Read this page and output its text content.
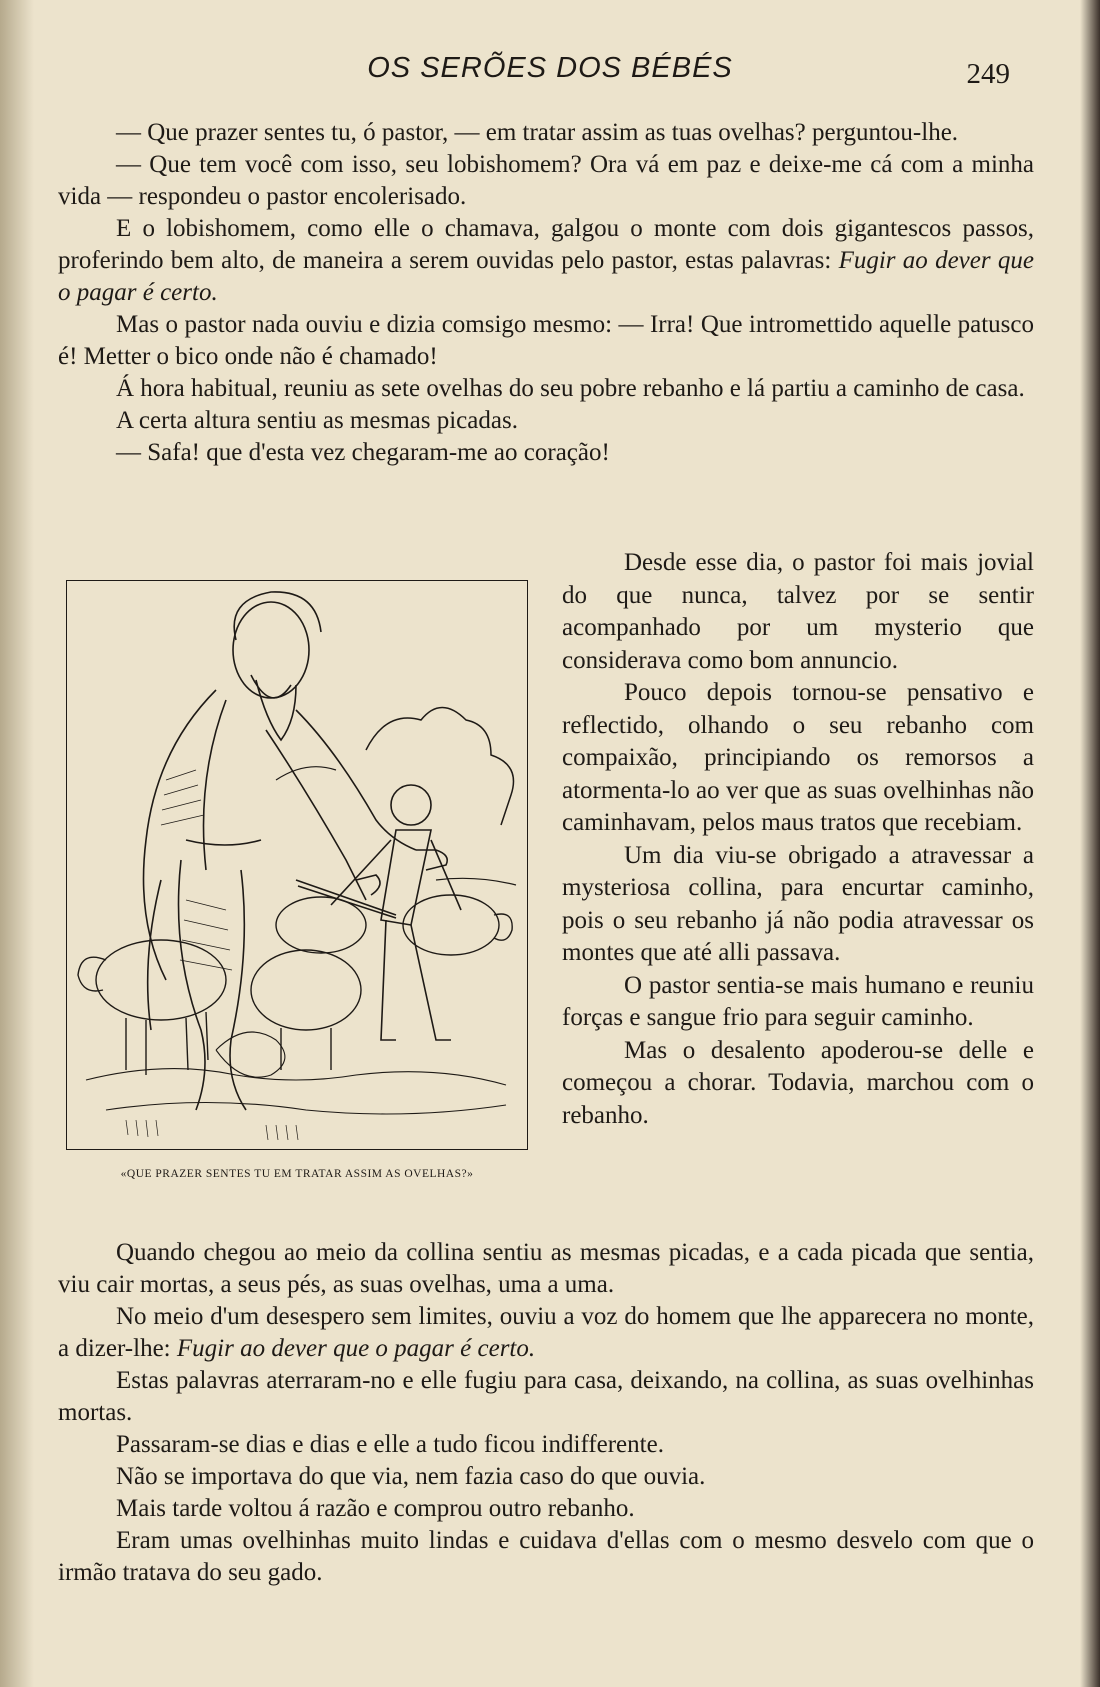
OS SERÕES DOS BÉBÉS	249

— Que prazer sentes tu, ó pastor, — em tratar assim as tuas ovelhas? perguntou-lhe.

— Que tem você com isso, seu lobishomem? Ora vá em paz e deixe-me cá com a minha vida — respondeu o pastor encolerisado.

E o lobishomem, como elle o chamava, galgou o monte com dois gigantescos passos, proferindo bem alto, de maneira a serem ouvidas pelo pastor, estas palavras: Fugir ao dever que o pagar é certo.

Mas o pastor nada ouviu e dizia comsigo mesmo: — Irra! Que intromettido aquelle patusco é! Metter o bico onde não é chamado!

Á hora habitual, reuniu as sete ovelhas do seu pobre rebanho e lá partiu a caminho de casa.

A certa altura sentiu as mesmas picadas.

— Safa! que d'esta vez chegaram-me ao coração!

«QUE PRAZER SENTES TU EM TRATAR ASSIM AS OVELHAS?»

Desde esse dia, o pastor foi mais jovial do que nunca, talvez por se sentir acompanhado por um mysterio que considerava como bom annuncio.

Pouco depois tornou-se pensativo e reflectido, olhando o seu rebanho com compaixão, principiando os remorsos a atormenta-lo ao ver que as suas ovelhinhas não caminhavam, pelos maus tratos que recebiam.

Um dia viu-se obrigado a atravessar a mysteriosa collina, para encurtar caminho, pois o seu rebanho já não podia atravessar os montes que até alli passava.

O pastor sentia-se mais humano e reuniu forças e sangue frio para seguir caminho.

Mas o desalento apoderou-se delle e começou a chorar. Todavia, marchou com o rebanho.

Quando chegou ao meio da collina sentiu as mesmas picadas, e a cada picada que sentia, viu cair mortas, a seus pés, as suas ovelhas, uma a uma.

No meio d'um desespero sem limites, ouviu a voz do homem que lhe apparecera no monte, a dizer-lhe: Fugir ao dever que o pagar é certo.

Estas palavras aterraram-no e elle fugiu para casa, deixando, na collina, as suas ovelhinhas mortas.

Passaram-se dias e dias e elle a tudo ficou indifferente.

Não se importava do que via, nem fazia caso do que ouvia.

Mais tarde voltou á razão e comprou outro rebanho.

Eram umas ovelhinhas muito lindas e cuidava d'ellas com o mesmo desvelo com que o irmão tratava do seu gado.
